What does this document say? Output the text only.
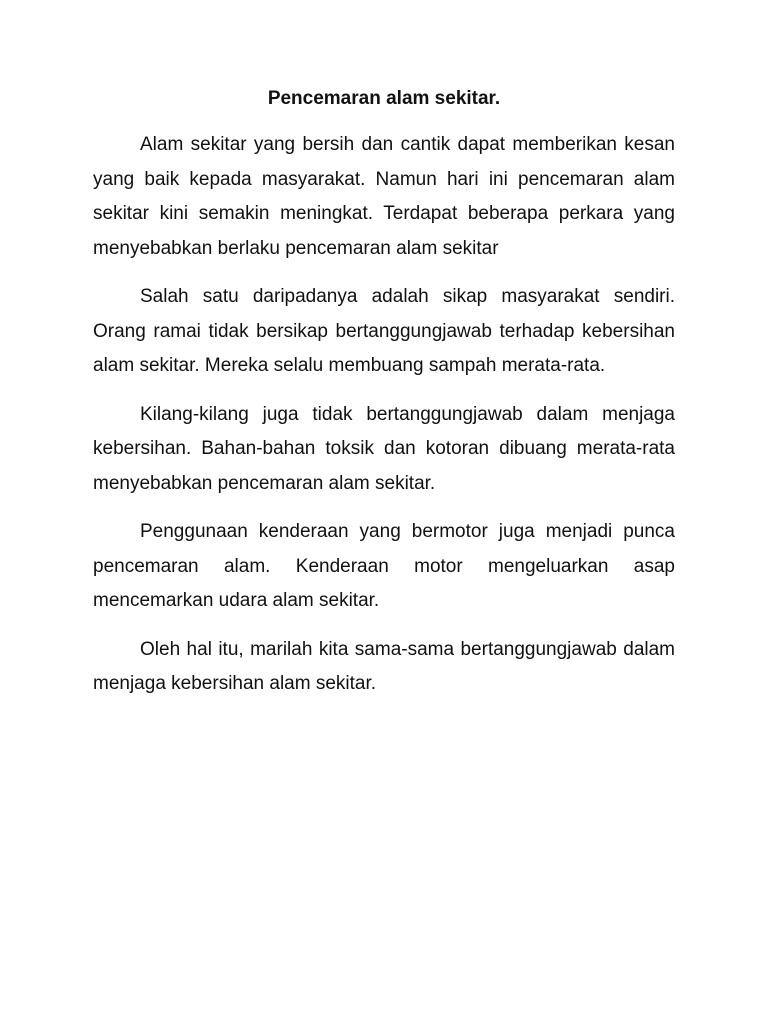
Pencemaran alam sekitar.

Alam sekitar yang bersih dan cantik dapat memberikan kesan yang baik kepada masyarakat. Namun hari ini pencemaran alam sekitar kini semakin meningkat. Terdapat beberapa perkara yang menyebabkan berlaku pencemaran alam sekitar

Salah satu daripadanya adalah sikap masyarakat sendiri. Orang ramai tidak bersikap bertanggungjawab terhadap kebersihan alam sekitar. Mereka selalu membuang sampah merata-rata.

Kilang-kilang juga tidak bertanggungjawab dalam menjaga kebersihan. Bahan-bahan toksik dan kotoran dibuang merata-rata menyebabkan pencemaran alam sekitar.

Penggunaan kenderaan yang bermotor juga menjadi punca pencemaran alam. Kenderaan motor mengeluarkan asap mencemarkan udara alam sekitar.

Oleh hal itu, marilah kita sama-sama bertanggungjawab dalam menjaga kebersihan alam sekitar.
